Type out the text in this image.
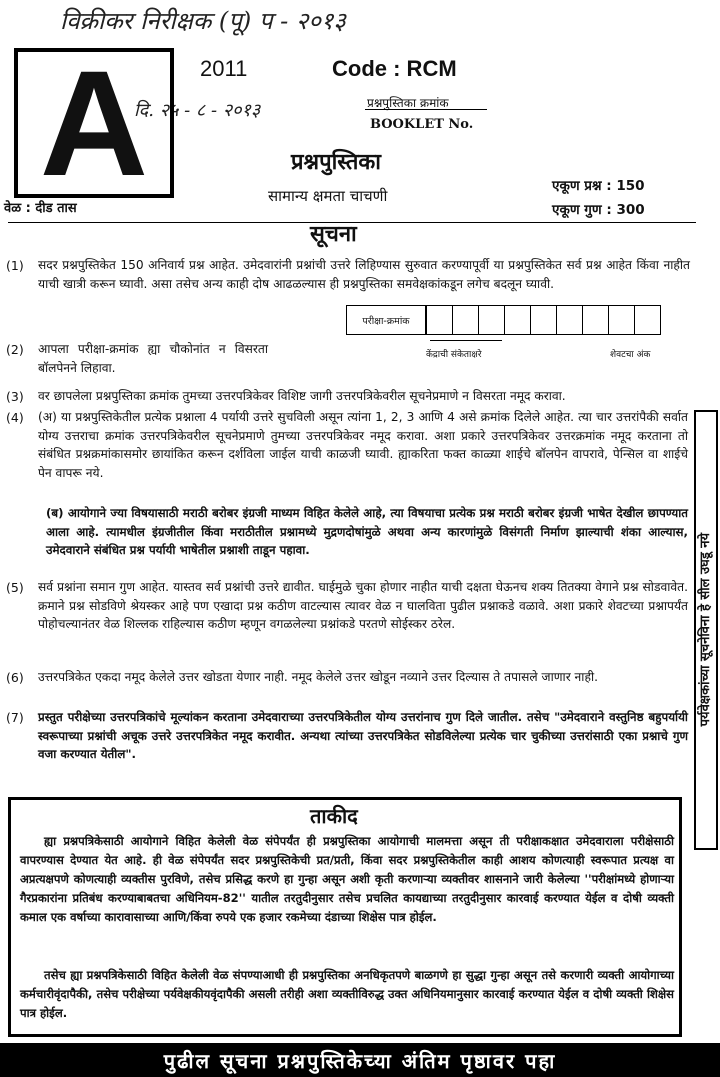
विक्रीकर निरीक्षक (पू) प - २०१३
दि. २५ - ८ - २०१३
A	2011	Code : RCM
प्रश्नपुस्तिका क्रमांक
BOOKLET No.
प्रश्नपुस्तिका
सामान्य क्षमता चाचणी
वेळ : दीड तास
एकूण प्रश्न : 150
एकूण गुण : 300
सूचना
(1) सदर प्रश्नपुस्तिकेत 150 अनिवार्य प्रश्न आहेत. उमेदवारांनी प्रश्नांची उत्तरे लिहिण्यास सुरुवात करण्यापूर्वी या प्रश्नपुस्तिकेत सर्व प्रश्न आहेत किंवा नाहीत याची खात्री करून घ्यावी. असा तसेच अन्य काही दोष आढळल्यास ही प्रश्नपुस्तिका समवेक्षकांकडून लगेच बदलून घ्यावी.
परीक्षा-क्रमांक
केंद्राची संकेताक्षरे	शेवटचा अंक
(2) आपला परीक्षा-क्रमांक ह्या चौकोनांत न विसरता बॉलपेनने लिहावा.
(3) वर छापलेला प्रश्नपुस्तिका क्रमांक तुमच्या उत्तरपत्रिकेवर विशिष्ट जागी उत्तरपत्रिकेवरील सूचनेप्रमाणे न विसरता नमूद करावा.
(4) (अ) या प्रश्नपुस्तिकेतील प्रत्येक प्रश्नाला 4 पर्यायी उत्तरे सुचविली असून त्यांना 1, 2, 3 आणि 4 असे क्रमांक दिलेले आहेत. त्या चार उत्तरांपैकी सर्वात योग्य उत्तराचा क्रमांक उत्तरपत्रिकेवरील सूचनेप्रमाणे तुमच्या उत्तरपत्रिकेवर नमूद करावा. अशा प्रकारे उत्तरपत्रिकेवर उत्तरक्रमांक नमूद करताना तो संबंधित प्रश्नक्रमांकासमोर छायांकित करून दर्शविला जाईल याची काळजी घ्यावी. ह्याकरिता फक्त काळ्या शाईचे बॉलपेन वापरावे, पेन्सिल वा शाईचे पेन वापरू नये.
(ब) आयोगाने ज्या विषयासाठी मराठी बरोबर इंग्रजी माध्यम विहित केलेले आहे, त्या विषयाचा प्रत्येक प्रश्न मराठी बरोबर इंग्रजी भाषेत देखील छापण्यात आला आहे. त्यामधील इंग्रजीतील किंवा मराठीतील प्रश्नामध्ये मुद्रणदोषांमुळे अथवा अन्य कारणांमुळे विसंगती निर्माण झाल्याची शंका आल्यास, उमेदवाराने संबंधित प्रश्न पर्यायी भाषेतील प्रश्नाशी ताडून पहावा.
(5) सर्व प्रश्नांना समान गुण आहेत. यास्तव सर्व प्रश्नांची उत्तरे द्यावीत. घाईमुळे चुका होणार नाहीत याची दक्षता घेऊनच शक्य तितक्या वेगाने प्रश्न सोडवावेत. क्रमाने प्रश्न सोडविणे श्रेयस्कर आहे पण एखादा प्रश्न कठीण वाटल्यास त्यावर वेळ न घालविता पुढील प्रश्नाकडे वळावे. अशा प्रकारे शेवटच्या प्रश्नापर्यंत पोहोचल्यानंतर वेळ शिल्लक राहिल्यास कठीण म्हणून वगळलेल्या प्रश्नांकडे परतणे सोईस्कर ठरेल.
(6) उत्तरपत्रिकेत एकदा नमूद केलेले उत्तर खोडता येणार नाही. नमूद केलेले उत्तर खोडून नव्याने उत्तर दिल्यास ते तपासले जाणार नाही.
(7) प्रस्तुत परीक्षेच्या उत्तरपत्रिकांचे मूल्यांकन करताना उमेदवाराच्या उत्तरपत्रिकेतील योग्य उत्तरांनाच गुण दिले जातील. तसेच "उमेदवाराने वस्तुनिष्ठ बहुपर्यायी स्वरूपाच्या प्रश्नांची अचूक उत्तरे उत्तरपत्रिकेत नमूद करावीत. अन्यथा त्यांच्या उत्तरपत्रिकेत सोडविलेल्या प्रत्येक चार चुकीच्या उत्तरांसाठी एका प्रश्नाचे गुण वजा करण्यात येतील".
पर्यवेक्षकांच्या सूचनेविना हे सील उघडू नये
ताकीद
ह्या प्रश्नपत्रिकेसाठी आयोगाने विहित केलेली वेळ संपेपर्यंत ही प्रश्नपुस्तिका आयोगाची मालमत्ता असून ती परीक्षाकक्षात उमेदवाराला परीक्षेसाठी वापरण्यास देण्यात येत आहे. ही वेळ संपेपर्यंत सदर प्रश्नपुस्तिकेची प्रत/प्रती, किंवा सदर प्रश्नपुस्तिकेतील काही आशय कोणत्याही स्वरूपात प्रत्यक्ष वा अप्रत्यक्षपणे कोणत्याही व्यक्तीस पुरविणे, तसेच प्रसिद्ध करणे हा गुन्हा असून अशी कृती करणाऱ्या व्यक्तीवर शासनाने जारी केलेल्या ''परीक्षांमध्ये होणाऱ्या गैरप्रकारांना प्रतिबंध करण्याबाबतचा अधिनियम-82'' यातील तरतुदीनुसार तसेच प्रचलित कायद्याच्या तरतुदीनुसार कारवाई करण्यात येईल व दोषी व्यक्ती कमाल एक वर्षाच्या कारावासाच्या आणि/किंवा रुपये एक हजार रकमेच्या दंडाच्या शिक्षेस पात्र होईल.
तसेच ह्या प्रश्नपत्रिकेसाठी विहित केलेली वेळ संपण्याआधी ही प्रश्नपुस्तिका अनधिकृतपणे बाळगणे हा सुद्धा गुन्हा असून तसे करणारी व्यक्ती आयोगाच्या कर्मचारीवृंदापैकी, तसेच परीक्षेच्या पर्यवेक्षकीयवृंदापैकी असली तरीही अशा व्यक्तीविरुद्ध उक्त अधिनियमानुसार कारवाई करण्यात येईल व दोषी व्यक्ती शिक्षेस पात्र होईल.
पुढील सूचना प्रश्नपुस्तिकेच्या अंतिम पृष्ठावर पहा
